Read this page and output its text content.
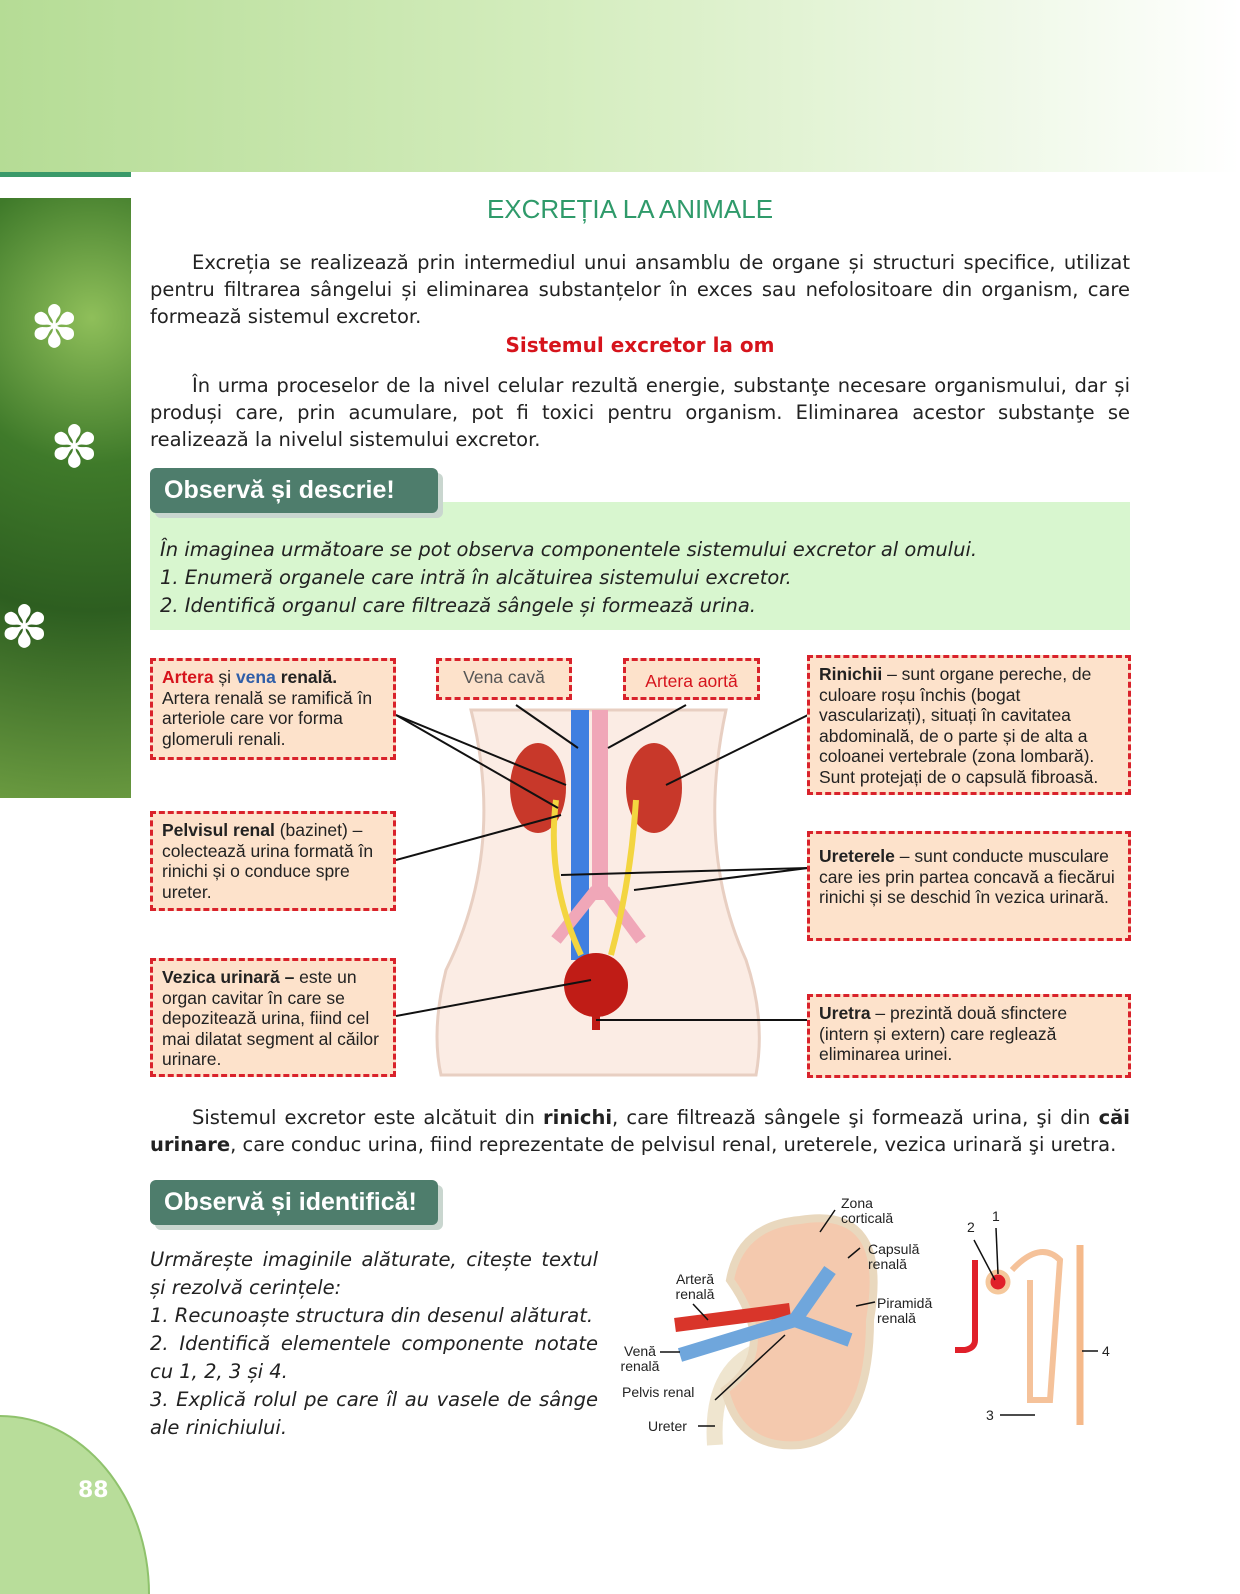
✽
✽
✽
88
EXCREȚIA LA ANIMALE

Excreția se realizează prin intermediul unui ansamblu de organe și structuri specifice, utilizat pentru filtrarea sângelui și eliminarea substanțelor în exces sau nefolositoare din organism, care formează sistemul excretor.

Sistemul excretor la om

În urma proceselor de la nivel celular rezultă energie, substanţe necesare organismului, dar și produși care, prin acumulare, pot fi toxici pentru organism. Eliminarea acestor substanţe se realizează la nivelul sistemului excretor.

În imaginea următoare se pot observa componentele sistemului excretor al omului.
1. Enumeră organele care intră în alcătuirea sistemului excretor.
2. Identifică organul care filtrează sângele și formează urina.
Observă și descrie!
Artera și vena renală.
Artera renală se ramifică în arteriole care vor forma glomeruli renali.
Vena cavă	Artera aortă	Rinichii – sunt organe pereche, de culoare roșu închis (bogat vascularizați), situați în cavitatea abdominală, de o parte și de alta a coloanei vertebrale (zona lombară). Sunt protejați de o capsulă fibroasă.
Pelvisul renal (bazinet) – colectează urina formată în rinichi și o conduce spre ureter.
Ureterele – sunt conducte musculare care ies prin partea concavă a fiecărui rinichi și se deschid în vezica urinară.
Vezica urinară – este un organ cavitar în care se depozitează urina, fiind cel mai dilatat segment al căilor urinare.
Uretra – prezintă două sfinctere (intern și extern) care reglează eliminarea urinei.

Sistemul excretor este alcătuit din rinichi, care filtrează sângele şi formează urina, şi din căi urinare, care conduc urina, fiind reprezentate de pelvisul renal, ureterele, vezica urinară şi uretra.

Observă și identifică!
Urmărește imaginile alăturate, citește textul și rezolvă cerințele:
1. Recunoaște structura din desenul alăturat.
2. Identifică elementele componente notate cu 1, 2, 3 și 4.
3. Explică rolul pe care îl au vasele de sânge ale rinichiului.
Zona corticală
Capsulă renală
Piramidă renală
Arteră renală
Venă renală
Pelvis renal
Ureter
1
2
3
4
